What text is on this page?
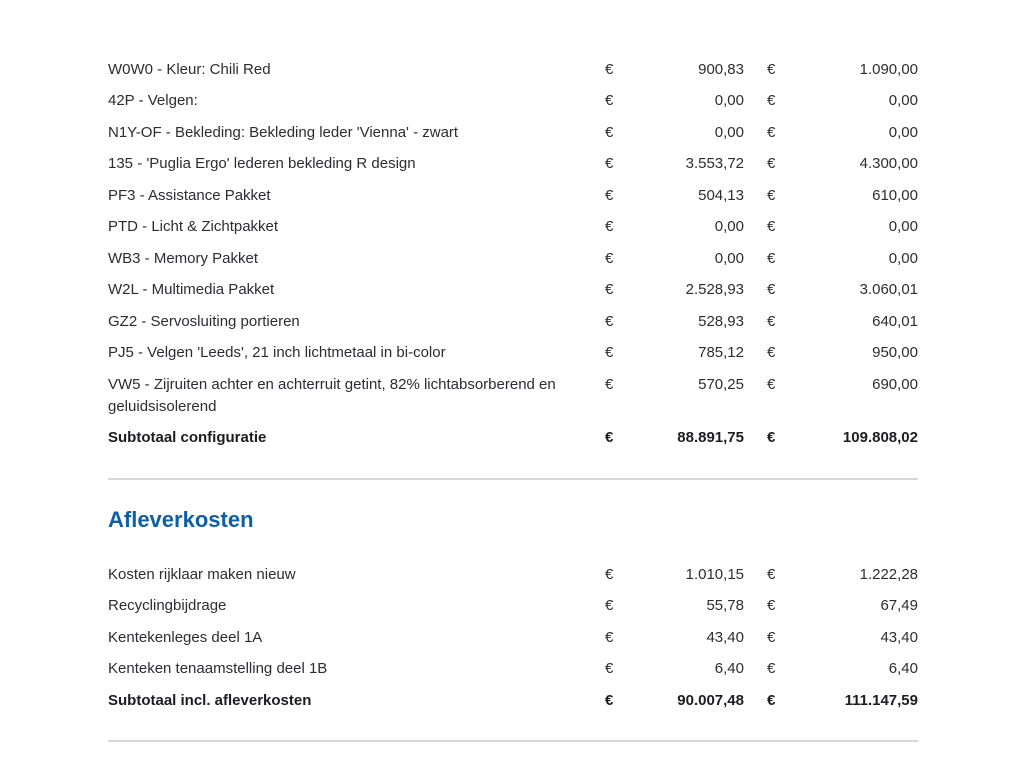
W0W0 - Kleur: Chili Red	€	900,83 €	1.090,00
42P - Velgen:	€	0,00 €	0,00
N1Y-OF - Bekleding: Bekleding leder 'Vienna' - zwart	€	0,00 €	0,00
135 - 'Puglia Ergo' lederen bekleding R design	€	3.553,72 €	4.300,00
PF3 - Assistance Pakket	€	504,13 €	610,00
PTD - Licht & Zichtpakket	€	0,00 €	0,00
WB3 - Memory Pakket	€	0,00 €	0,00
W2L - Multimedia Pakket	€	2.528,93 €	3.060,01
GZ2 - Servosluiting portieren	€	528,93 €	640,01
PJ5 - Velgen 'Leeds', 21 inch lichtmetaal in bi-color	€	785,12 €	950,00
VW5 - Zijruiten achter en achterruit getint, 82% lichtabsorberend en geluidsisolerend
€	570,25 €	690,00
Subtotaal configuratie	€	88.891,75 €	109.808,02
Afleverkosten
Kosten rijklaar maken nieuw	€	1.010,15 €	1.222,28
Recyclingbijdrage	€	55,78 €	67,49
Kentekenleges deel 1A	€	43,40 €	43,40
Kenteken tenaamstelling deel 1B	€	6,40 €	6,40
Subtotaal incl. afleverkosten	€	90.007,48 €	111.147,59
